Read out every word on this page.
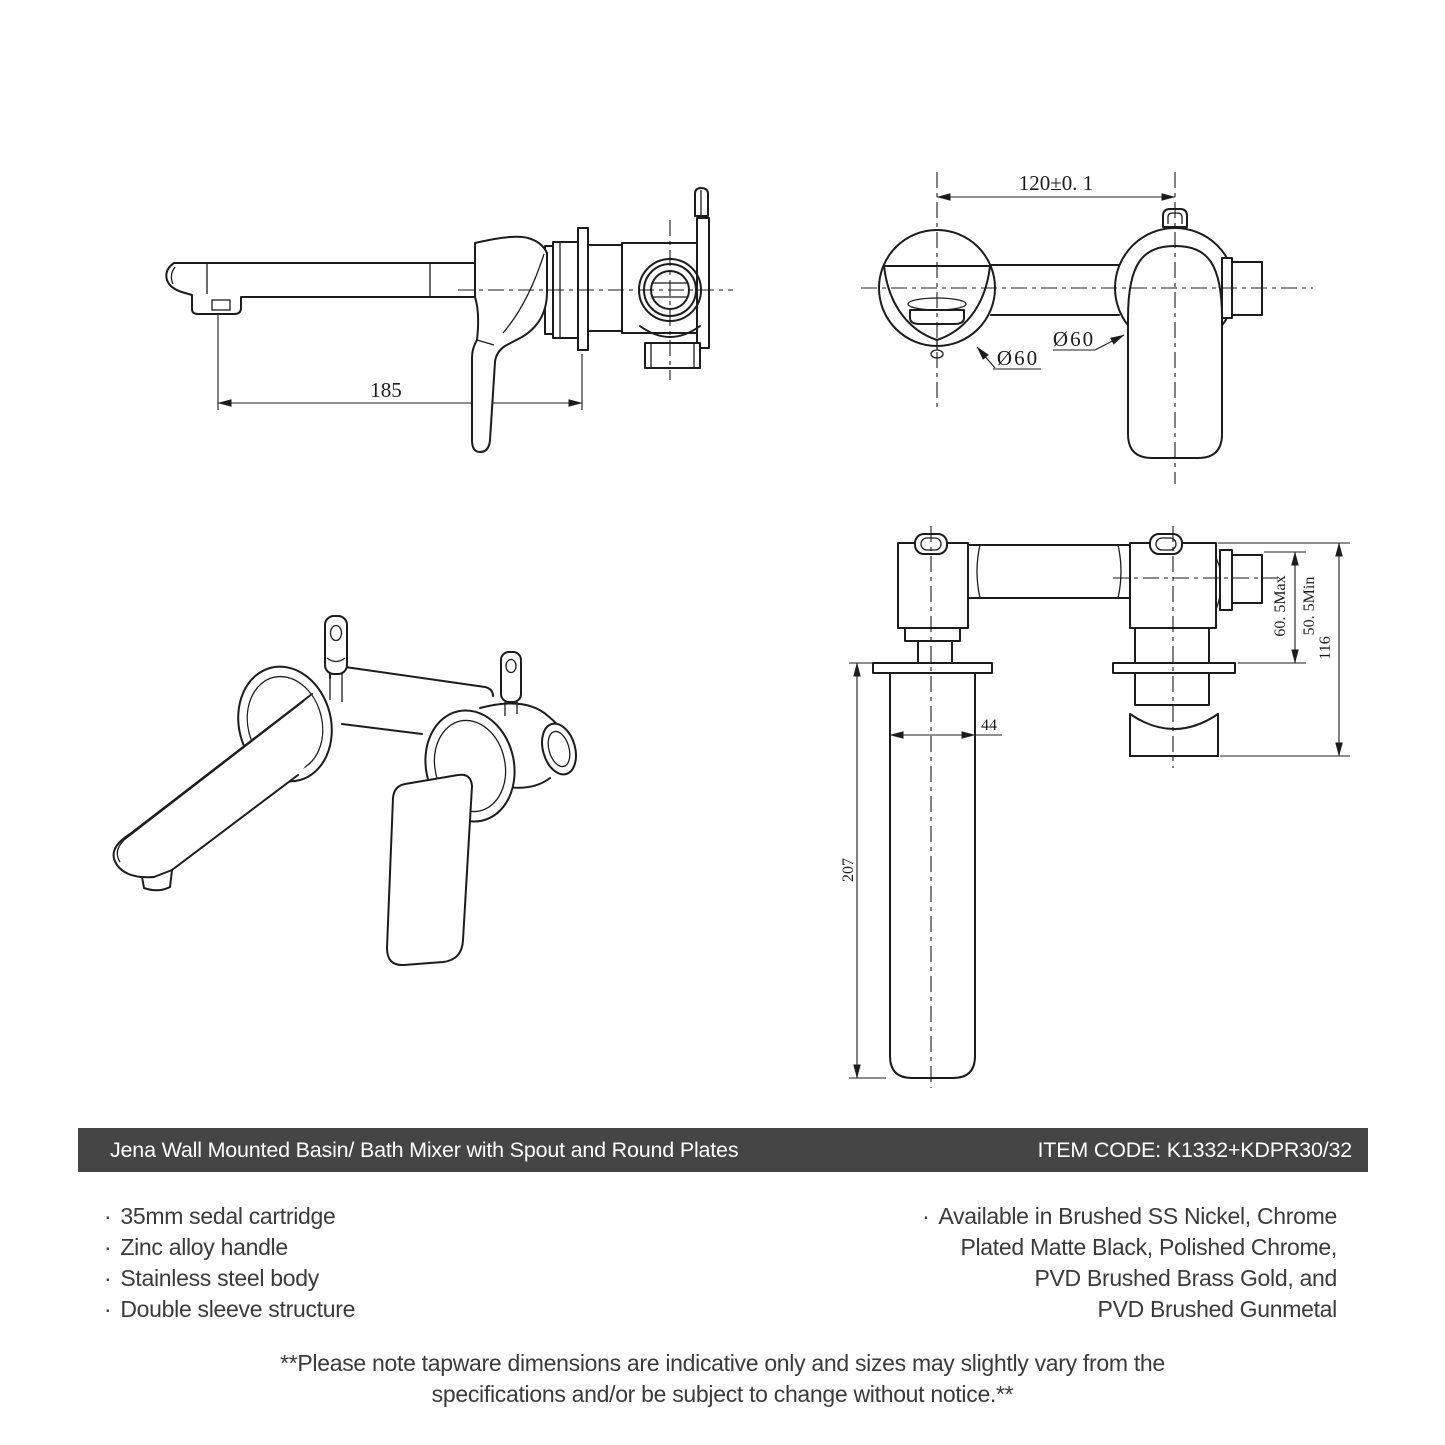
185
120±0. 1
Ø60
Ø60
44
207
60. 5Max 50. 5Min
116
Jena Wall Mounted Basin/ Bath Mixer with Spout and Round Plates	ITEM CODE: K1332+KDPR30/32
· 35mm sedal cartridge
· Zinc alloy handle
· Stainless steel body
· Double sleeve structure
· Available in Brushed SS Nickel, Chrome
Plated Matte Black, Polished Chrome,
PVD Brushed Brass Gold, and
PVD Brushed Gunmetal
**Please note tapware dimensions are indicative only and sizes may slightly vary from the
specifications and/or be subject to change without notice.**
